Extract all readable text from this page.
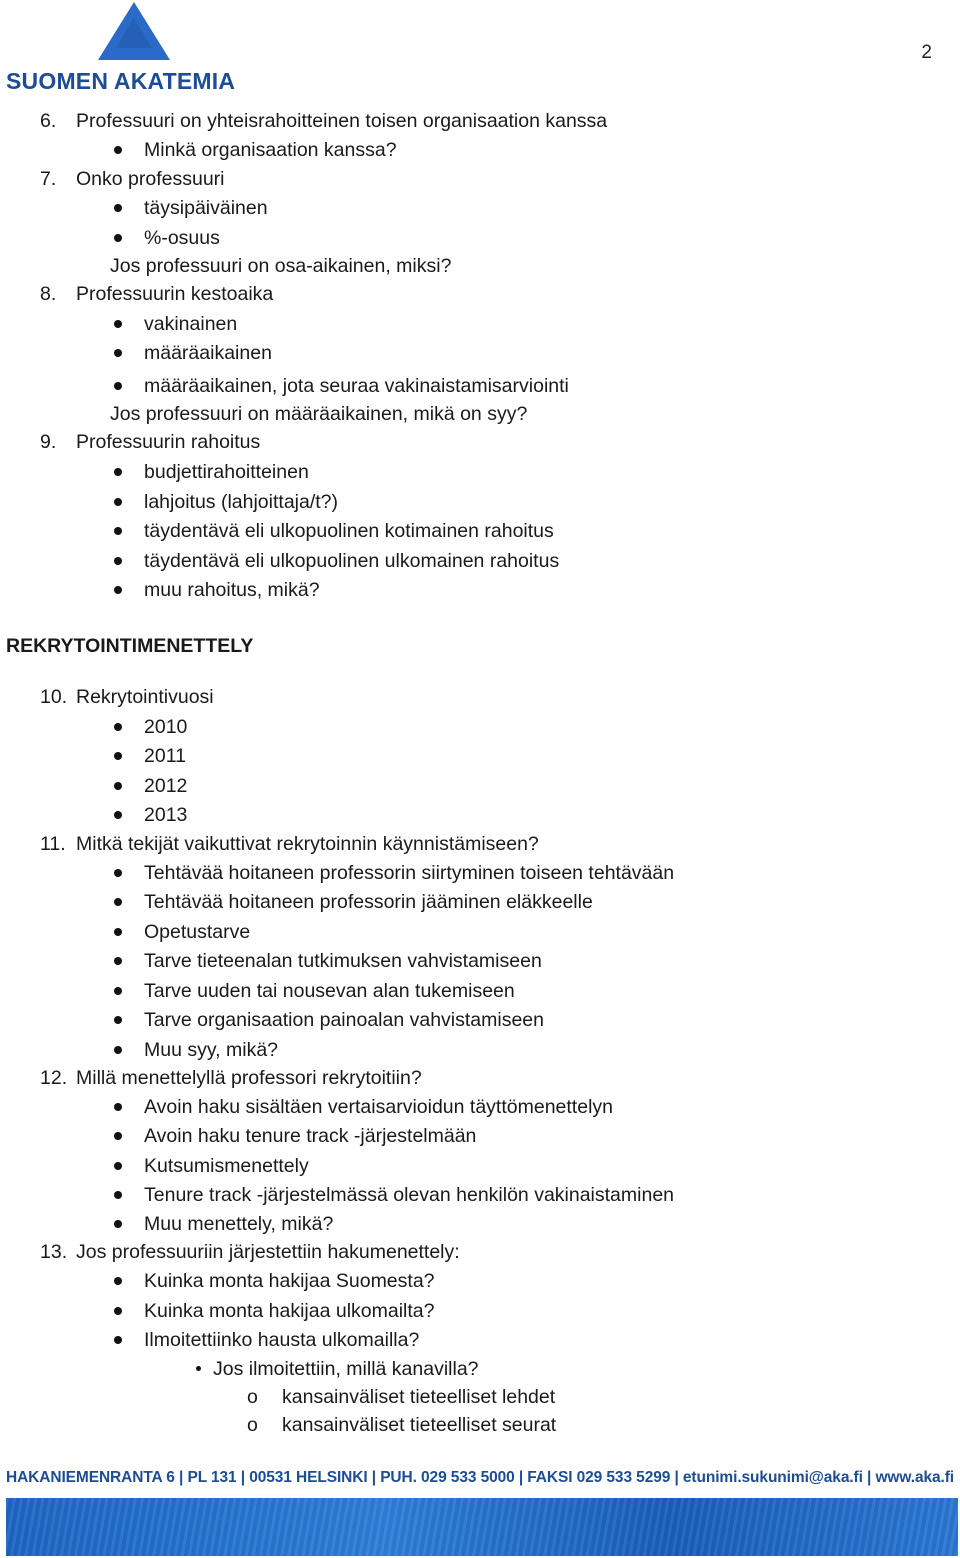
SUOMEN AKATEMIA
2
6. Professuuri on yhteisrahoitteinen toisen organisaation kanssa
Minkä organisaation kanssa?
7. Onko professuuri
täysipäiväinen
%-osuus
Jos professuuri on osa-aikainen, miksi?
8. Professuurin kestoaika
vakinainen
määräaikainen
määräaikainen, jota seuraa vakinaistamisarviointi
Jos professuuri on määräaikainen, mikä on syy?
9. Professuurin rahoitus
budjettirahoitteinen
lahjoitus (lahjoittaja/t?)
täydentävä eli ulkopuolinen kotimainen rahoitus
täydentävä eli ulkopuolinen ulkomainen rahoitus
muu rahoitus, mikä?
REKRYTOINTIMENETTELY
10. Rekrytointivuosi
2010
2011
2012
2013
11. Mitkä tekijät vaikuttivat rekrytoinnin käynnistämiseen?
Tehtävää hoitaneen professorin siirtyminen toiseen tehtävään
Tehtävää hoitaneen professorin jääminen eläkkeelle
Opetustarve
Tarve tieteenalan tutkimuksen vahvistamiseen
Tarve uuden tai nousevan alan tukemiseen
Tarve organisaation painoalan vahvistamiseen
Muu syy, mikä?
12. Millä menettelyllä professori rekrytoitiin?
Avoin haku sisältäen vertaisarvioidun täyttömenettelyn
Avoin haku tenure track -järjestelmään
Kutsumismenettely
Tenure track -järjestelmässä olevan henkilön vakinaistaminen
Muu menettely, mikä?
13. Jos professuuriin järjestettiin hakumenettely:
Kuinka monta hakijaa Suomesta?
Kuinka monta hakijaa ulkomailta?
Ilmoitettiinko hausta ulkomailla?
Jos ilmoitettiin, millä kanavilla?
o kansainväliset tieteelliset lehdet
o kansainväliset tieteelliset seurat
HAKANIEMENRANTA 6 | PL 131 | 00531 HELSINKI | PUH. 029 533 5000 | FAKSI 029 533 5299 | etunimi.sukunimi@aka.fi | www.aka.fi
